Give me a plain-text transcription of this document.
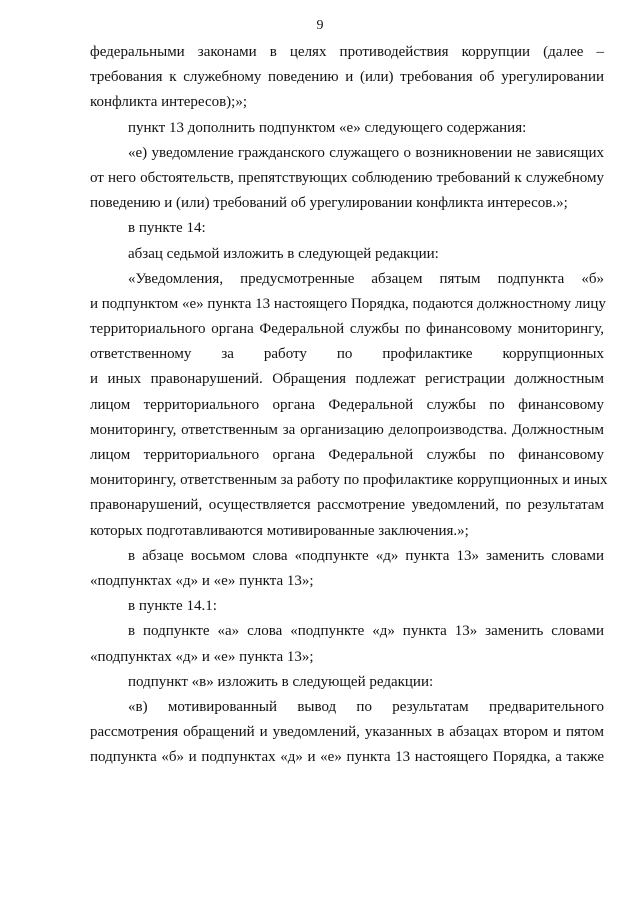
9
федеральными законами в целях противодействия коррупции (далее –
требования к служебному поведению и (или) требования об урегулировании
конфликта интересов);»;
пункт 13 дополнить подпунктом «е» следующего содержания:
«е) уведомление гражданского служащего о возникновении не зависящих
от него обстоятельств, препятствующих соблюдению требований к служебному
поведению и (или) требований об урегулировании конфликта интересов.»;
в пункте 14:
абзац седьмой изложить в следующей редакции:
«Уведомления, предусмотренные абзацем пятым подпункта «б»
и подпунктом «е» пункта 13 настоящего Порядка, подаются должностному лицу
территориального органа Федеральной службы по финансовому мониторингу,
ответственному за работу по профилактике коррупционных
и иных правонарушений. Обращения подлежат регистрации должностным
лицом территориального органа Федеральной службы по финансовому
мониторингу, ответственным за организацию делопроизводства. Должностным
лицом территориального органа Федеральной службы по финансовому
мониторингу, ответственным за работу по профилактике коррупционных и иных
правонарушений, осуществляется рассмотрение уведомлений, по результатам
которых подготавливаются мотивированные заключения.»;
в абзаце восьмом слова «подпункте «д» пункта 13» заменить словами
«подпунктах «д» и «е» пункта 13»;
в пункте 14.1:
в подпункте «а» слова «подпункте «д» пункта 13» заменить словами
«подпунктах «д» и «е» пункта 13»;
подпункт «в» изложить в следующей редакции:
«в) мотивированный вывод по результатам предварительного
рассмотрения обращений и уведомлений, указанных в абзацах втором и пятом
подпункта «б» и подпунктах «д» и «е» пункта 13 настоящего Порядка, а также
